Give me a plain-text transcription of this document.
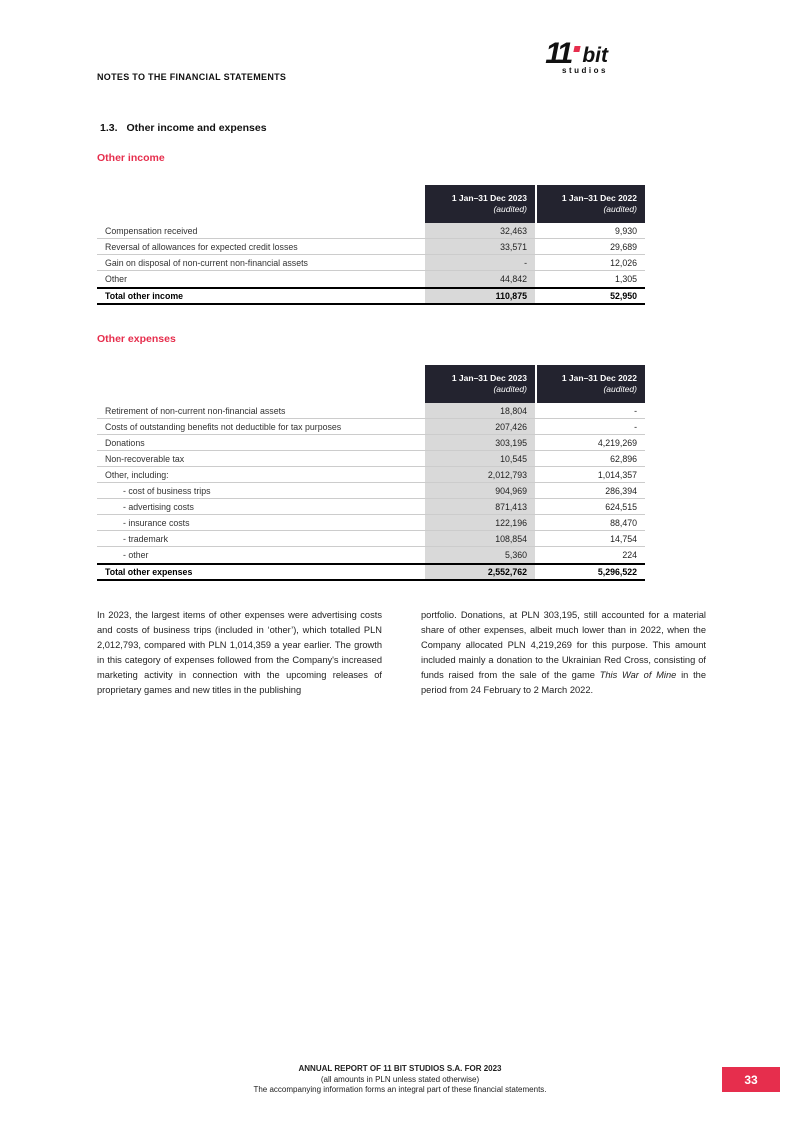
NOTES TO THE FINANCIAL STATEMENTS
11 bit
studios
1.3. Other income and expenses
Other income
1 Jan–31 Dec 2023
(audited)
1 Jan–31 Dec 2022
(audited)
Compensation received	32,463	9,930
Reversal of allowances for expected credit losses	33,571	29,689
Gain on disposal of non-current non-financial assets	-	12,026
Other	44,842	1,305
Total other income	110,875	52,950
Other expenses
1 Jan–31 Dec 2023
(audited)
1 Jan–31 Dec 2022
(audited)
Retirement of non-current non-financial assets	18,804	-
Costs of outstanding benefits not deductible for tax purposes	207,426	-
Donations	303,195	4,219,269
Non-recoverable tax	10,545	62,896
Other, including:	2,012,793	1,014,357
- cost of business trips	904,969	286,394
- advertising costs	871,413	624,515
- insurance costs	122,196	88,470
- trademark	108,854	14,754
- other	5,360	224
Total other expenses	2,552,762	5,296,522
In 2023, the largest items of other expenses were advertising costs and costs of business trips (included in ‘other’), which totalled PLN 2,012,793, compared with PLN 1,014,359 a year earlier. The growth in this category of expenses followed from the Company's increased marketing activity in connection with the upcoming releases of proprietary games and new titles in the publishing
portfolio. Donations, at PLN 303,195, still accounted for a material share of other expenses, albeit much lower than in 2022, when the Company allocated PLN 4,219,269 for this purpose. This amount included mainly a donation to the Ukrainian Red Cross, consisting of funds raised from the sale of the game This War of Mine in the period from 24 February to 2 March 2022.
ANNUAL REPORT OF 11 BIT STUDIOS S.A. FOR 2023
(all amounts in PLN unless stated otherwise)
The accompanying information forms an integral part of these financial statements.
33
